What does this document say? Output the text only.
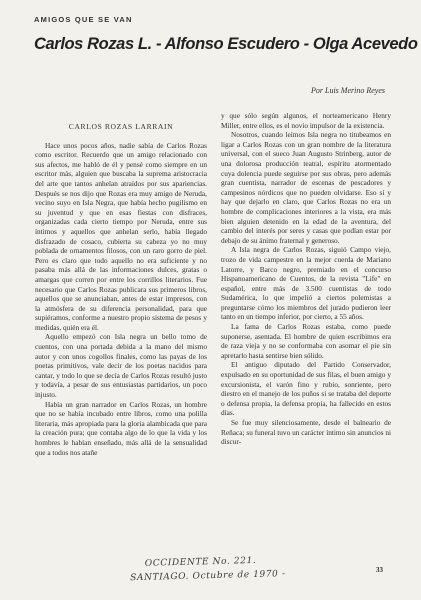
AMIGOS QUE SE VAN
Carlos Rozas L. - Alfonso Escudero - Olga Acevedo
Por Luis Merino Reyes
CARLOS ROZAS LARRAIN

Hace unos pocos años, nadie sabía de Carlos Rozas como escritor. Recuerdo que un amigo relacionado con sus afectos, me habló de él y pensé como siempre en un escritor más, alguien que buscaba la suprema aristocracia del arte que tantos anhelan atraídos por sus apariencias. Después se nos dijo que Rozas era muy amigo de Neruda, vecino suyo en Isla Negra, que había hecho pugilismo en su juventud y que en esas fiestas con disfraces, organizadas cada cierto tiempo por Neruda, entre sus íntimos y aquellos que anhelan serlo, había llegado disfrazado de cosaco, cubierta su cabeza yo no muy poblada de ornamentos filosos, con un raro gorro de piel. Pero es claro que todo aquello no era suficiente y no pasaba más allá de las informaciones dulces, gratas o amargas que corren por entre los corrillos literarios. Fue necesario que Carlos Rozas publicara sus primeros libros, aquellos que se anunciaban, antes de estar impresos, con la atmósfera de su diferencia personalidad, para que supiéramos, conforme a nuestro propio sistema de pesos y medidas, quién era él.

Aquello empezó con Isla negra un bello tomo de cuentos, con una portada debida a la mano del mismo autor y con unos cogollos finales, como las payas de los poetas primitivos, vale decir de los poetas nacidos para cantar, y todo lo que se decía de Carlos Rozas resultó justo y todavía, a pesar de sus entusiastas partidarios, un poco injusto.

Había un gran narrador en Carlos Rozas, un hombre que no se había incubado entre libros, como una polilla literaria, más apropiada para la gloria alambicada que para la creación pura; que contaba algo de lo que la vida y los hombres le habían enseñado, más allá de la sensualidad que a todos nos atañe

y que sólo según algunos, el norteamericano Henry Miller, entre ellos, es el novio impulsor de la existencia.

Nosotros, cuando leímos Isla negra no titubeamos en ligar a Carlos Rozas con un gran nombre de la literatura universal, con el sueco Juan Augusto Strinberg, autor de una dolorosa producción teatral, espíritu atormentado cuya dolencia puede seguirse por sus obras, pero además gran cuentista, narrador de escenas de pescadores y campesinos nórdicos que no pueden olvidarse. Eso sí y hay que dejarlo en claro, que Carlos Rozas no era un hombre de complicaciones interiores a la vista, era más bien alguien detenido en la edad de la aventura, del cambio del interés por seres y casas que podían estar por debajo de su ánimo fraternal y generoso.

A Isla negra de Carlos Rozas, siguió Campo viejo, trozo de vida campestre en la mejor cuerda de Mariano Latorre, y Barco negro, premiado en el concurso Hispanoamericano de Cuentos, de la revista "Life" en español, entre más de 3.500 cuentistas de todo Sudamérica, lo que impelió a ciertos polemistas a preguntarse cómo los miembros del jurado pudieron leer tanto en un tiempo inferior, por cierto, a 55 años.

La fama de Carlos Rozas estaba, como puede suponerse, asentada. El hombre de quien escribimos era de raza vieja y no se conformaba con asomar el pie sin apretarlo hasta sentirse bien sólido.

El antiguo diputado del Partido Conservador, expulsado en su oportunidad de sus filas, el buen amigo y excursionista, el varón fino y rubio, sonriente, pero diestro en el manejo de los puños si se trataba del deporte o defensa propia, la defensa propia, ha fallecido en estos días.

Se fue muy silenciosamente, desde el balneario de Reñaca; su funeral tuvo un carácter íntimo sin anuncios ni discur-

OCCIDENTE No. 221.
SANTIAGO. Octubre de 1970 -	33
